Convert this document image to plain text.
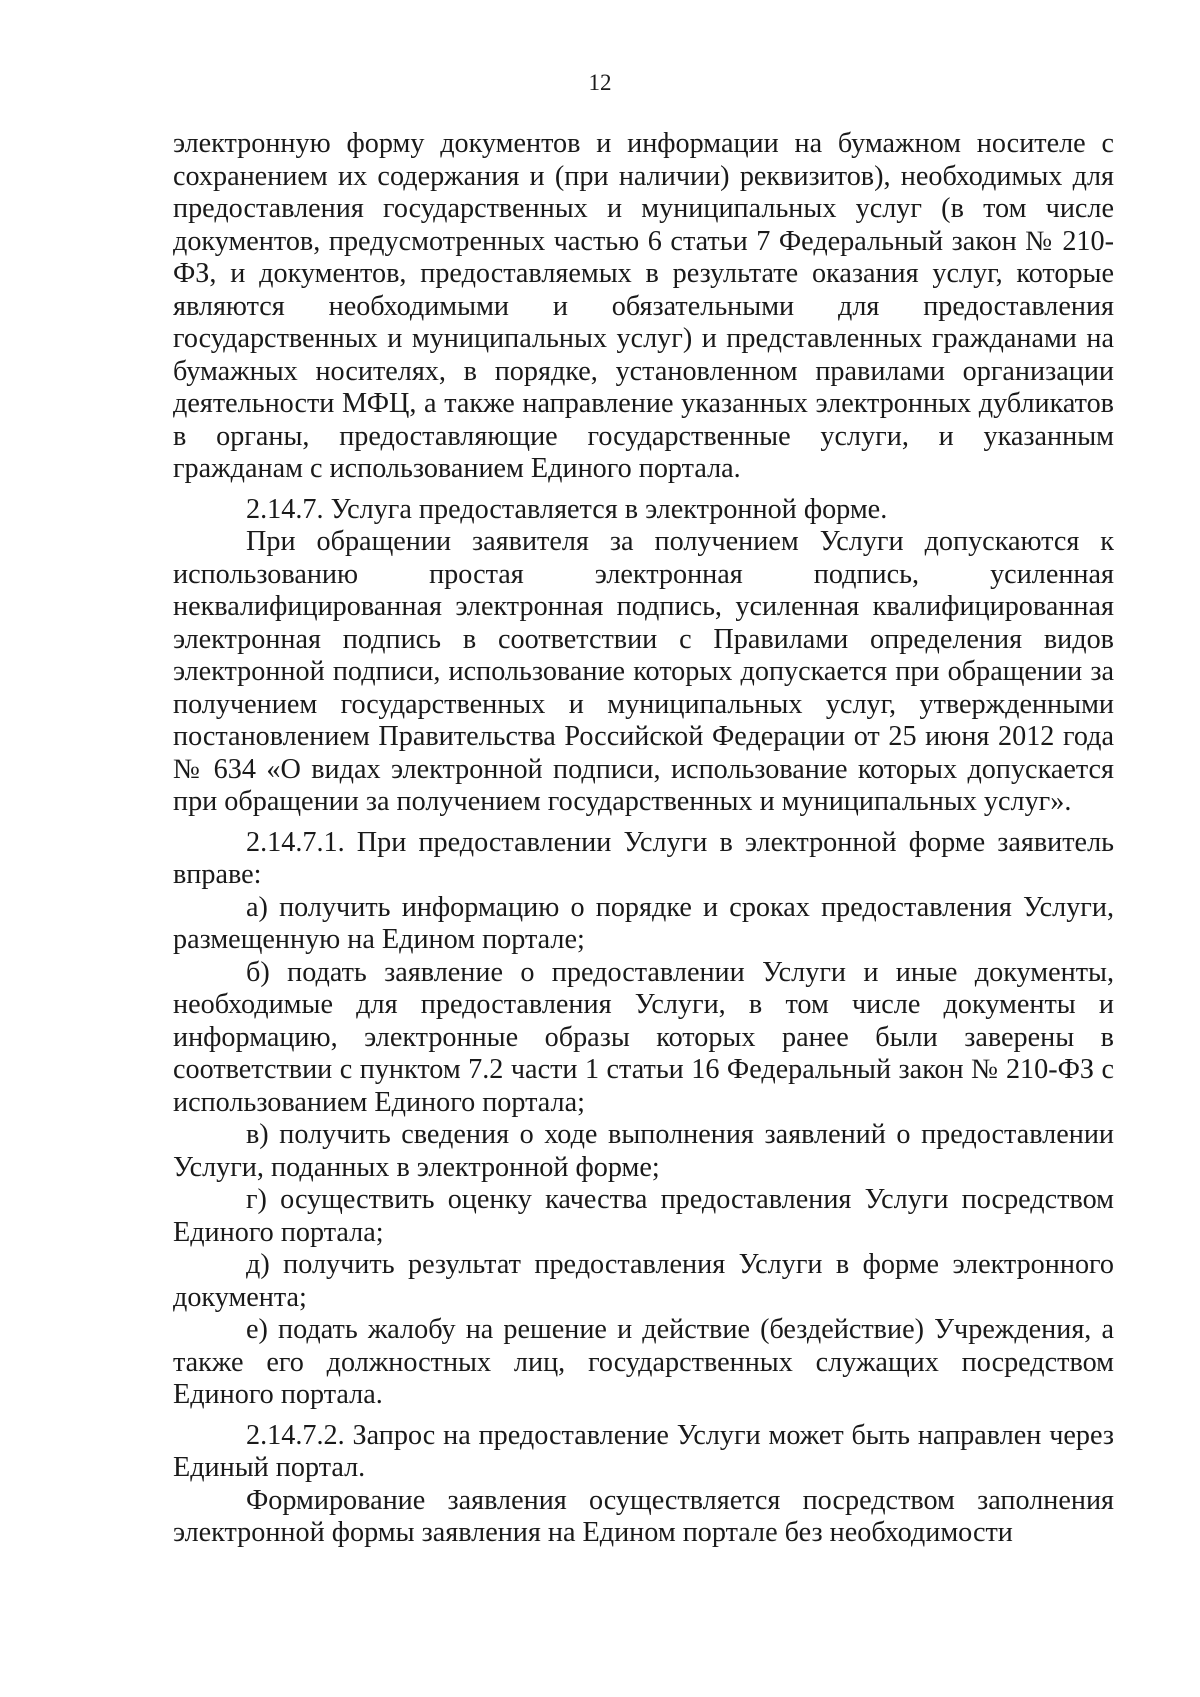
12

электронную форму документов и информации на бумажном носителе с сохранением их содержания и (при наличии) реквизитов), необходимых для предоставления государственных и муниципальных услуг (в том числе документов, предусмотренных частью 6 статьи 7 Федеральный закон № 210-ФЗ, и документов, предоставляемых в результате оказания услуг, которые являются необходимыми и обязательными для предоставления государственных и муниципальных услуг) и представленных гражданами на бумажных носителях, в порядке, установленном правилами организации деятельности МФЦ, а также направление указанных электронных дубликатов в органы, предоставляющие государственные услуги, и указанным гражданам с использованием Единого портала.

2.14.7. Услуга предоставляется в электронной форме.

При обращении заявителя за получением Услуги допускаются к использованию простая электронная подпись, усиленная неквалифицированная электронная подпись, усиленная квалифицированная электронная подпись в соответствии с Правилами определения видов электронной подписи, использование которых допускается при обращении за получением государственных и муниципальных услуг, утвержденными постановлением Правительства Российской Федерации от 25 июня 2012 года № 634 «О видах электронной подписи, использование которых допускается при обращении за получением государственных и муниципальных услуг».

2.14.7.1. При предоставлении Услуги в электронной форме заявитель вправе:

а) получить информацию о порядке и сроках предоставления Услуги, размещенную на Едином портале;

б) подать заявление о предоставлении Услуги и иные документы, необходимые для предоставления Услуги, в том числе документы и информацию, электронные образы которых ранее были заверены в соответствии с пунктом 7.2 части 1 статьи 16 Федеральный закон № 210-ФЗ с использованием Единого портала;

в) получить сведения о ходе выполнения заявлений о предоставлении Услуги, поданных в электронной форме;

г) осуществить оценку качества предоставления Услуги посредством Единого портала;

д) получить результат предоставления Услуги в форме электронного документа;

е) подать жалобу на решение и действие (бездействие) Учреждения, а также его должностных лиц, государственных служащих посредством Единого портала.

2.14.7.2. Запрос на предоставление Услуги может быть направлен через Единый портал.

Формирование заявления осуществляется посредством заполнения электронной формы заявления на Едином портале без необходимости
